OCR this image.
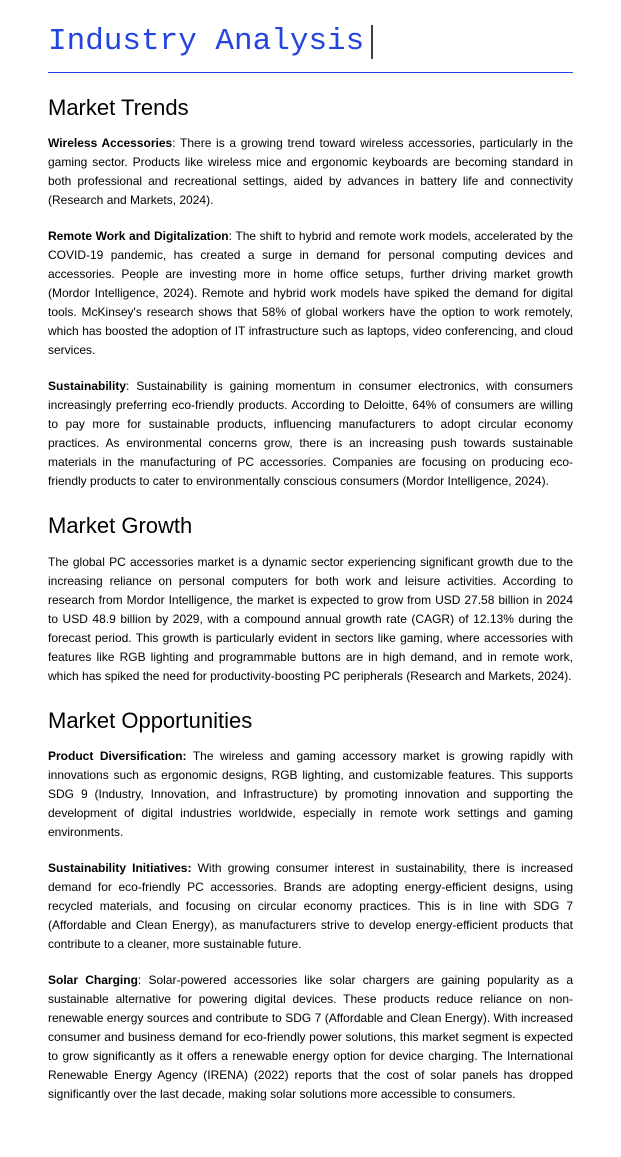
Industry Analysis
Market Trends

Wireless Accessories: There is a growing trend toward wireless accessories, particularly in the gaming sector. Products like wireless mice and ergonomic keyboards are becoming standard in both professional and recreational settings, aided by advances in battery life and connectivity (Research and Markets, 2024).

Remote Work and Digitalization: The shift to hybrid and remote work models, accelerated by the COVID-19 pandemic, has created a surge in demand for personal computing devices and accessories. People are investing more in home office setups, further driving market growth (Mordor Intelligence, 2024). Remote and hybrid work models have spiked the demand for digital tools. McKinsey's research shows that 58% of global workers have the option to work remotely, which has boosted the adoption of IT infrastructure such as laptops, video conferencing, and cloud services.

Sustainability: Sustainability is gaining momentum in consumer electronics, with consumers increasingly preferring eco-friendly products. According to Deloitte, 64% of consumers are willing to pay more for sustainable products, influencing manufacturers to adopt circular economy practices. As environmental concerns grow, there is an increasing push towards sustainable materials in the manufacturing of PC accessories. Companies are focusing on producing eco-friendly products to cater to environmentally conscious consumers (Mordor Intelligence, 2024).

Market Growth

The global PC accessories market is a dynamic sector experiencing significant growth due to the increasing reliance on personal computers for both work and leisure activities. According to research from Mordor Intelligence, the market is expected to grow from USD 27.58 billion in 2024 to USD 48.9 billion by 2029, with a compound annual growth rate (CAGR) of 12.13% during the forecast period. This growth is particularly evident in sectors like gaming, where accessories with features like RGB lighting and programmable buttons are in high demand, and in remote work, which has spiked the need for productivity-boosting PC peripherals (Research and Markets, 2024).

Market Opportunities

Product Diversification: The wireless and gaming accessory market is growing rapidly with innovations such as ergonomic designs, RGB lighting, and customizable features. This supports SDG 9 (Industry, Innovation, and Infrastructure) by promoting innovation and supporting the development of digital industries worldwide, especially in remote work settings and gaming environments.

Sustainability Initiatives: With growing consumer interest in sustainability, there is increased demand for eco-friendly PC accessories. Brands are adopting energy-efficient designs, using recycled materials, and focusing on circular economy practices. This is in line with SDG 7 (Affordable and Clean Energy), as manufacturers strive to develop energy-efficient products that contribute to a cleaner, more sustainable future.

Solar Charging: Solar-powered accessories like solar chargers are gaining popularity as a sustainable alternative for powering digital devices. These products reduce reliance on non-renewable energy sources and contribute to SDG 7 (Affordable and Clean Energy). With increased consumer and business demand for eco-friendly power solutions, this market segment is expected to grow significantly as it offers a renewable energy option for device charging. The International Renewable Energy Agency (IRENA) (2022) reports that the cost of solar panels has dropped significantly over the last decade, making solar solutions more accessible to consumers.
